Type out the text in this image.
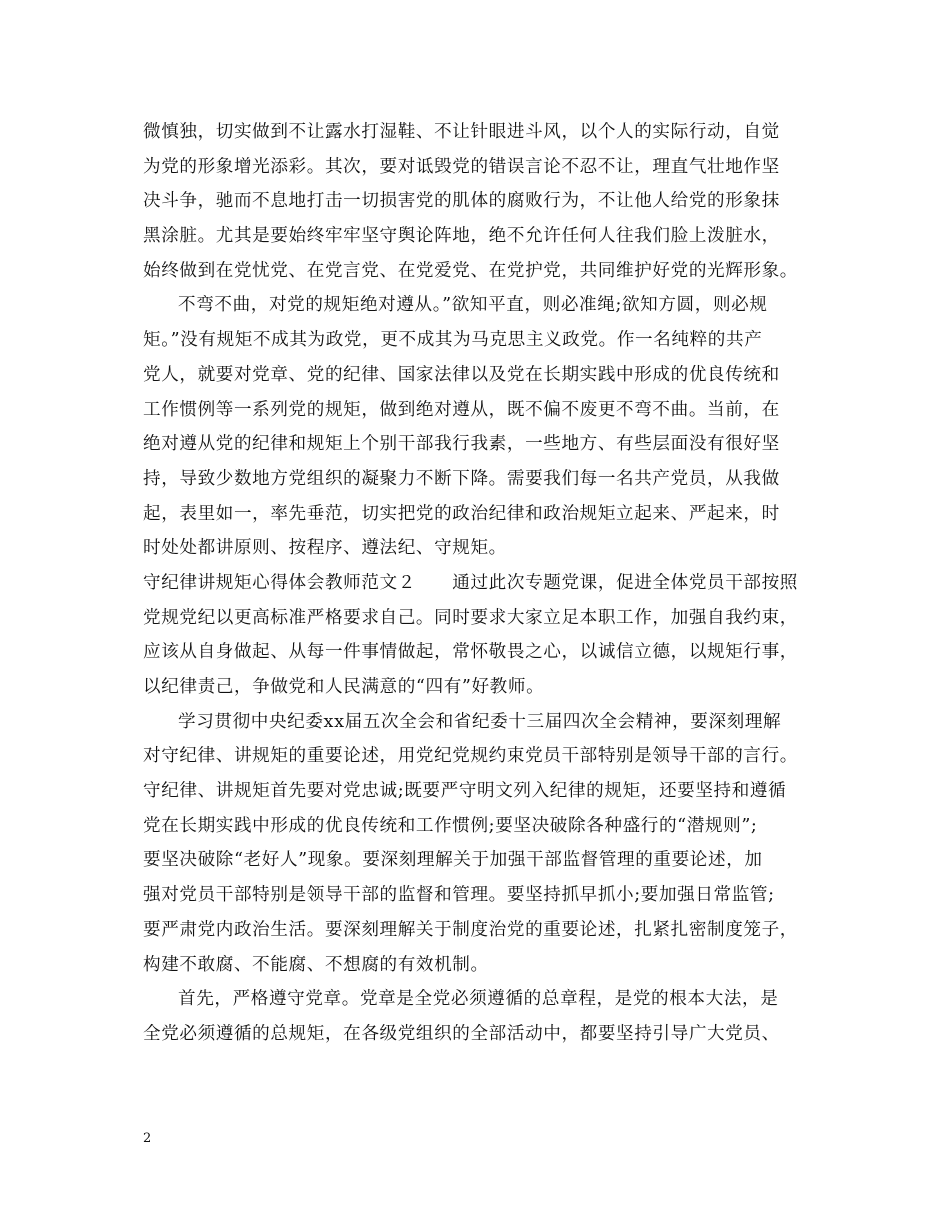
微慎独，切实做到不让露水打湿鞋、不让针眼进斗风，以个人的实际行动，自觉
为党的形象增光添彩。其次，要对诋毁党的错误言论不忍不让，理直气壮地作坚
决斗争，驰而不息地打击一切损害党的肌体的腐败行为，不让他人给党的形象抹
黑涂脏。尤其是要始终牢牢坚守舆论阵地，绝不允许任何人往我们脸上泼脏水，
始终做到在党忧党、在党言党、在党爱党、在党护党，共同维护好党的光辉形象。
不弯不曲，对党的规矩绝对遵从。”欲知平直，则必准绳;欲知方圆，则必规
矩。”没有规矩不成其为政党，更不成其为马克思主义政党。作一名纯粹的共产
党人，就要对党章、党的纪律、国家法律以及党在长期实践中形成的优良传统和
工作惯例等一系列党的规矩，做到绝对遵从，既不偏不废更不弯不曲。当前，在
绝对遵从党的纪律和规矩上个别干部我行我素，一些地方、有些层面没有很好坚
持，导致少数地方党组织的凝聚力不断下降。需要我们每一名共产党员，从我做
起，表里如一，率先垂范，切实把党的政治纪律和政治规矩立起来、严起来，时
时处处都讲原则、按程序、遵法纪、守规矩。
守纪律讲规矩心得体会教师范文２　　通过此次专题党课，促进全体党员干部按照
党规党纪以更高标准严格要求自己。同时要求大家立足本职工作，加强自我约束，
应该从自身做起、从每一件事情做起，常怀敬畏之心，以诚信立德，以规矩行事，
以纪律责己，争做党和人民满意的“四有”好教师。
学习贯彻中央纪委xx届五次全会和省纪委十三届四次全会精神，要深刻理解
对守纪律、讲规矩的重要论述，用党纪党规约束党员干部特别是领导干部的言行。
守纪律、讲规矩首先要对党忠诚;既要严守明文列入纪律的规矩，还要坚持和遵循
党在长期实践中形成的优良传统和工作惯例;要坚决破除各种盛行的“潜规则”;
要坚决破除“老好人”现象。要深刻理解关于加强干部监督管理的重要论述，加
强对党员干部特别是领导干部的监督和管理。要坚持抓早抓小;要加强日常监管;
要严肃党内政治生活。要深刻理解关于制度治党的重要论述，扎紧扎密制度笼子，
构建不敢腐、不能腐、不想腐的有效机制。
首先，严格遵守党章。党章是全党必须遵循的总章程，是党的根本大法，是
全党必须遵循的总规矩，在各级党组织的全部活动中，都要坚持引导广大党员、
2
